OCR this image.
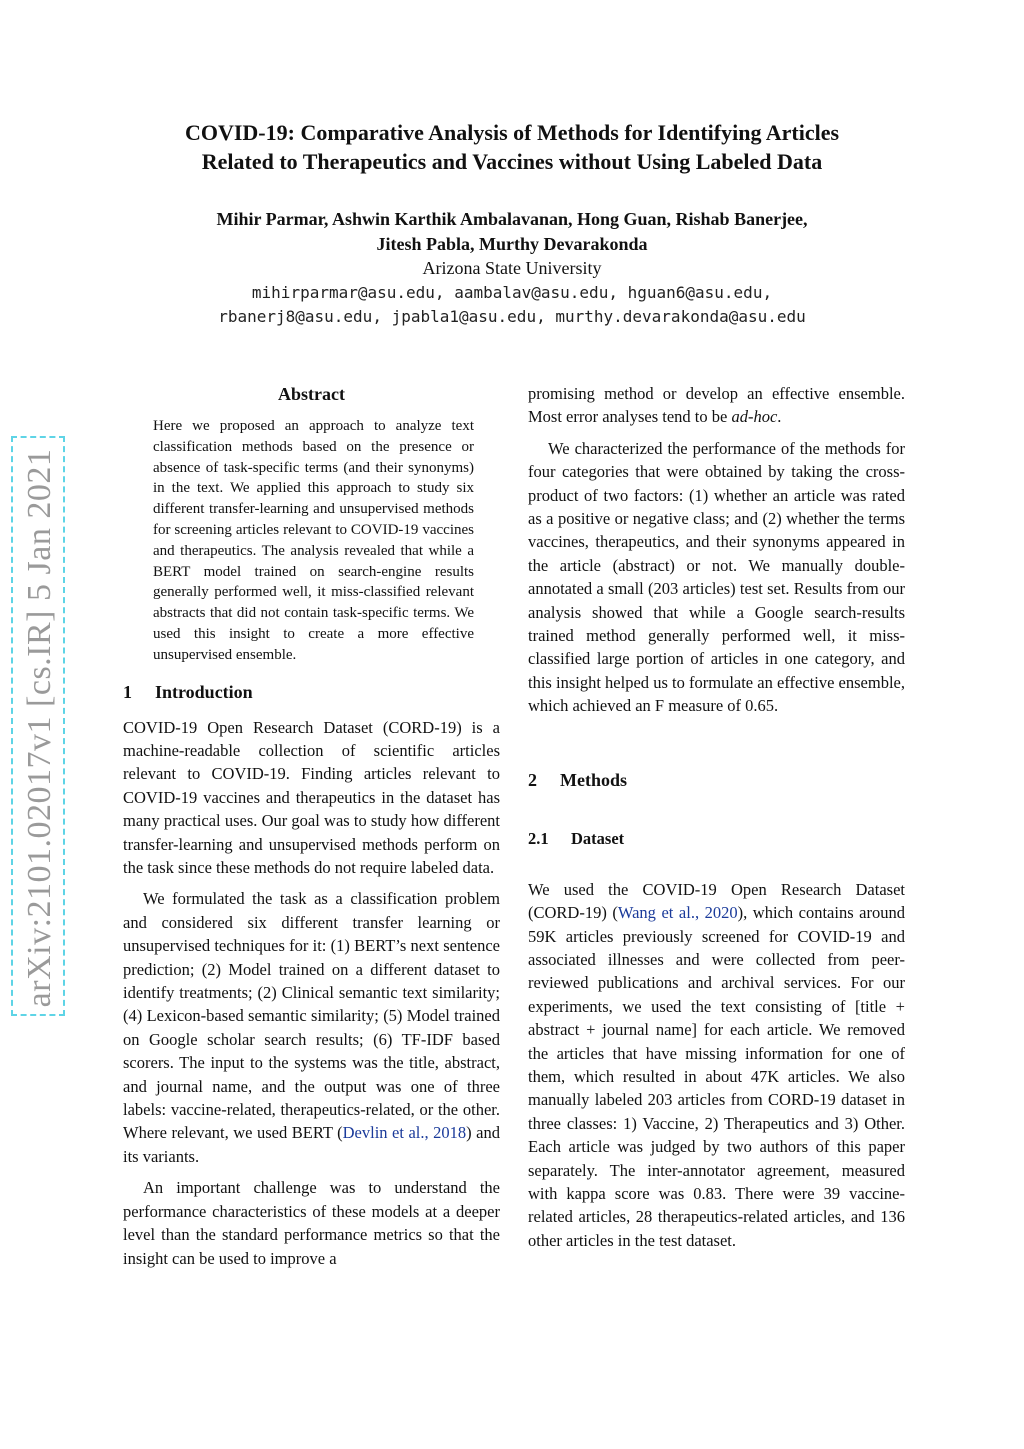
COVID-19: Comparative Analysis of Methods for Identifying Articles
Related to Therapeutics and Vaccines without Using Labeled Data
Mihir Parmar, Ashwin Karthik Ambalavanan, Hong Guan, Rishab Banerjee,
Jitesh Pabla, Murthy Devarakonda
Arizona State University
mihirparmar@asu.edu, aambalav@asu.edu, hguan6@asu.edu,
rbanerj8@asu.edu, jpabla1@asu.edu, murthy.devarakonda@asu.edu
arXiv:2101.02017v1 [cs.IR] 5 Jan 2021
Abstract
Here we proposed an approach to analyze text classification methods based on the presence or absence of task-specific terms (and their synonyms) in the text. We applied this approach to study six different transfer-learning and unsupervised methods for screening articles relevant to COVID-19 vaccines and therapeutics. The analysis revealed that while a BERT model trained on search-engine results generally performed well, it miss-classified relevant abstracts that did not contain task-specific terms. We used this insight to create a more effective unsupervised ensemble.
1 Introduction

COVID-19 Open Research Dataset (CORD-19) is a machine-readable collection of scientific articles relevant to COVID-19. Finding articles relevant to COVID-19 vaccines and therapeutics in the dataset has many practical uses. Our goal was to study how different transfer-learning and unsupervised methods perform on the task since these methods do not require labeled data.

We formulated the task as a classification problem and considered six different transfer learning or unsupervised techniques for it: (1) BERT’s next sentence prediction; (2) Model trained on a different dataset to identify treatments; (2) Clinical semantic text similarity; (4) Lexicon-based semantic similarity; (5) Model trained on Google scholar search results; (6) TF-IDF based scorers. The input to the systems was the title, abstract, and journal name, and the output was one of three labels: vaccine-related, therapeutics-related, or the other. Where relevant, we used BERT (Devlin et al., 2018) and its variants.

An important challenge was to understand the performance characteristics of these models at a deeper level than the standard performance metrics so that the insight can be used to improve a

promising method or develop an effective ensemble. Most error analyses tend to be ad-hoc.

We characterized the performance of the methods for four categories that were obtained by taking the cross-product of two factors: (1) whether an article was rated as a positive or negative class; and (2) whether the terms vaccines, therapeutics, and their synonyms appeared in the article (abstract) or not. We manually double-annotated a small (203 articles) test set. Results from our analysis showed that while a Google search-results trained method generally performed well, it miss-classified large portion of articles in one category, and this insight helped us to formulate an effective ensemble, which achieved an F measure of 0.65.

2 Methods
2.1 Dataset

We used the COVID-19 Open Research Dataset (CORD-19) (Wang et al., 2020), which contains around 59K articles previously screened for COVID-19 and associated illnesses and were collected from peer-reviewed publications and archival services. For our experiments, we used the text consisting of [title + abstract + journal name] for each article. We removed the articles that have missing information for one of them, which resulted in about 47K articles. We also manually labeled 203 articles from CORD-19 dataset in three classes: 1) Vaccine, 2) Therapeutics and 3) Other. Each article was judged by two authors of this paper separately. The inter-annotator agreement, measured with kappa score was 0.83. There were 39 vaccine-related articles, 28 therapeutics-related articles, and 136 other articles in the test dataset.
